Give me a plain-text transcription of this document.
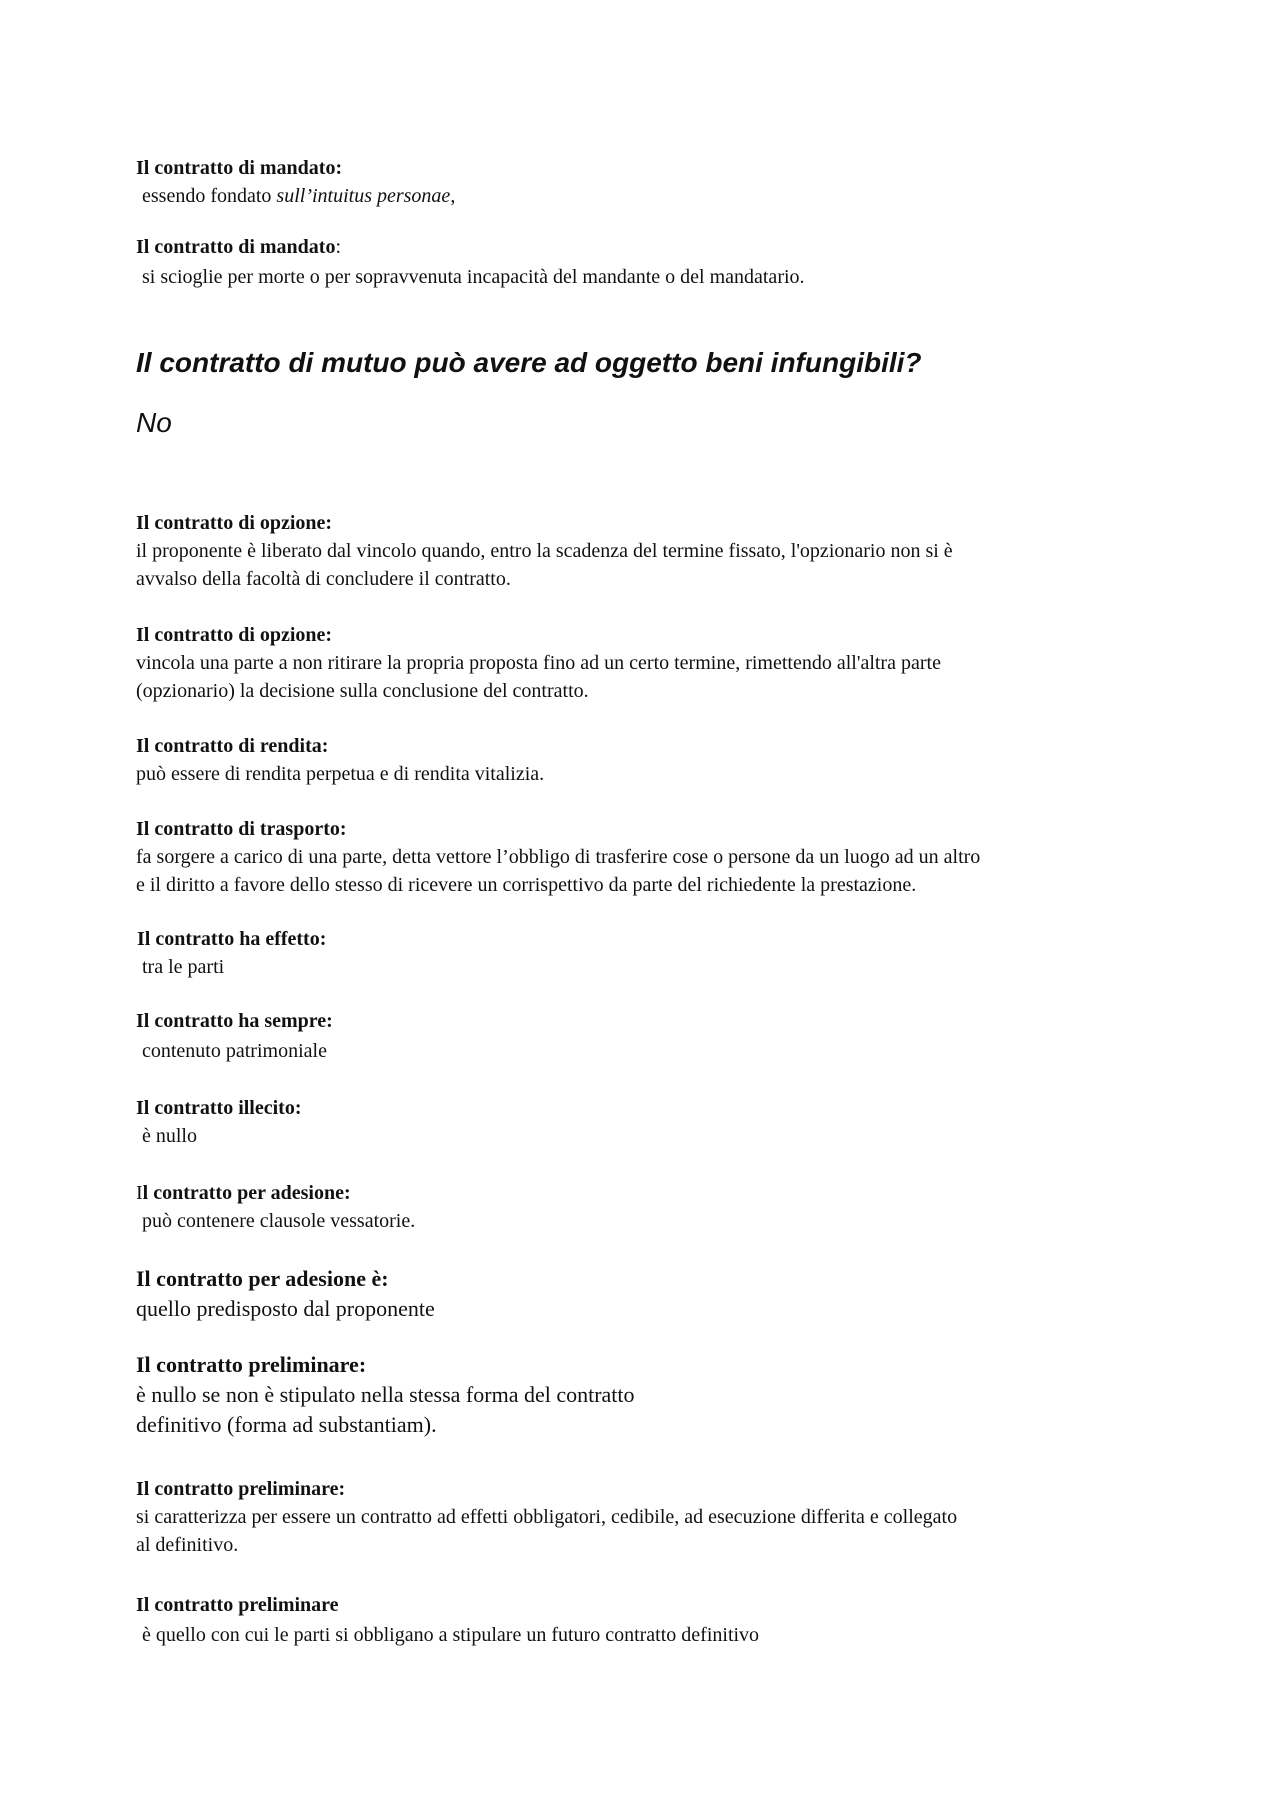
Il contratto di mandato:
essendo fondato sull’intuitus personae,
Il contratto di mandato:
si scioglie per morte o per sopravvenuta incapacità del mandante o del mandatario.
Il contratto di mutuo può avere ad oggetto beni infungibili?
No
Il contratto di opzione:
il proponente è liberato dal vincolo quando, entro la scadenza del termine fissato, l'opzionario non si è
avvalso della facoltà di concludere il contratto.
Il contratto di opzione:
vincola una parte a non ritirare la propria proposta fino ad un certo termine, rimettendo all'altra parte
(opzionario) la decisione sulla conclusione del contratto.
Il contratto di rendita:
può essere di rendita perpetua e di rendita vitalizia.
Il contratto di trasporto:
fa sorgere a carico di una parte, detta vettore l’obbligo di trasferire cose o persone da un luogo ad un altro
e il diritto a favore dello stesso di ricevere un corrispettivo da parte del richiedente la prestazione.
Il contratto ha effetto:
tra le parti
Il contratto ha sempre:
contenuto patrimoniale
Il contratto illecito:
è nullo
Il contratto per adesione:
può contenere clausole vessatorie.
Il contratto per adesione è:
quello predisposto dal proponente
Il contratto preliminare:
è nullo se non è stipulato nella stessa forma del contratto
definitivo (forma ad substantiam).
Il contratto preliminare:
si caratterizza per essere un contratto ad effetti obbligatori, cedibile, ad esecuzione differita e collegato
al definitivo.
Il contratto preliminare
è quello con cui le parti si obbligano a stipulare un futuro contratto definitivo
